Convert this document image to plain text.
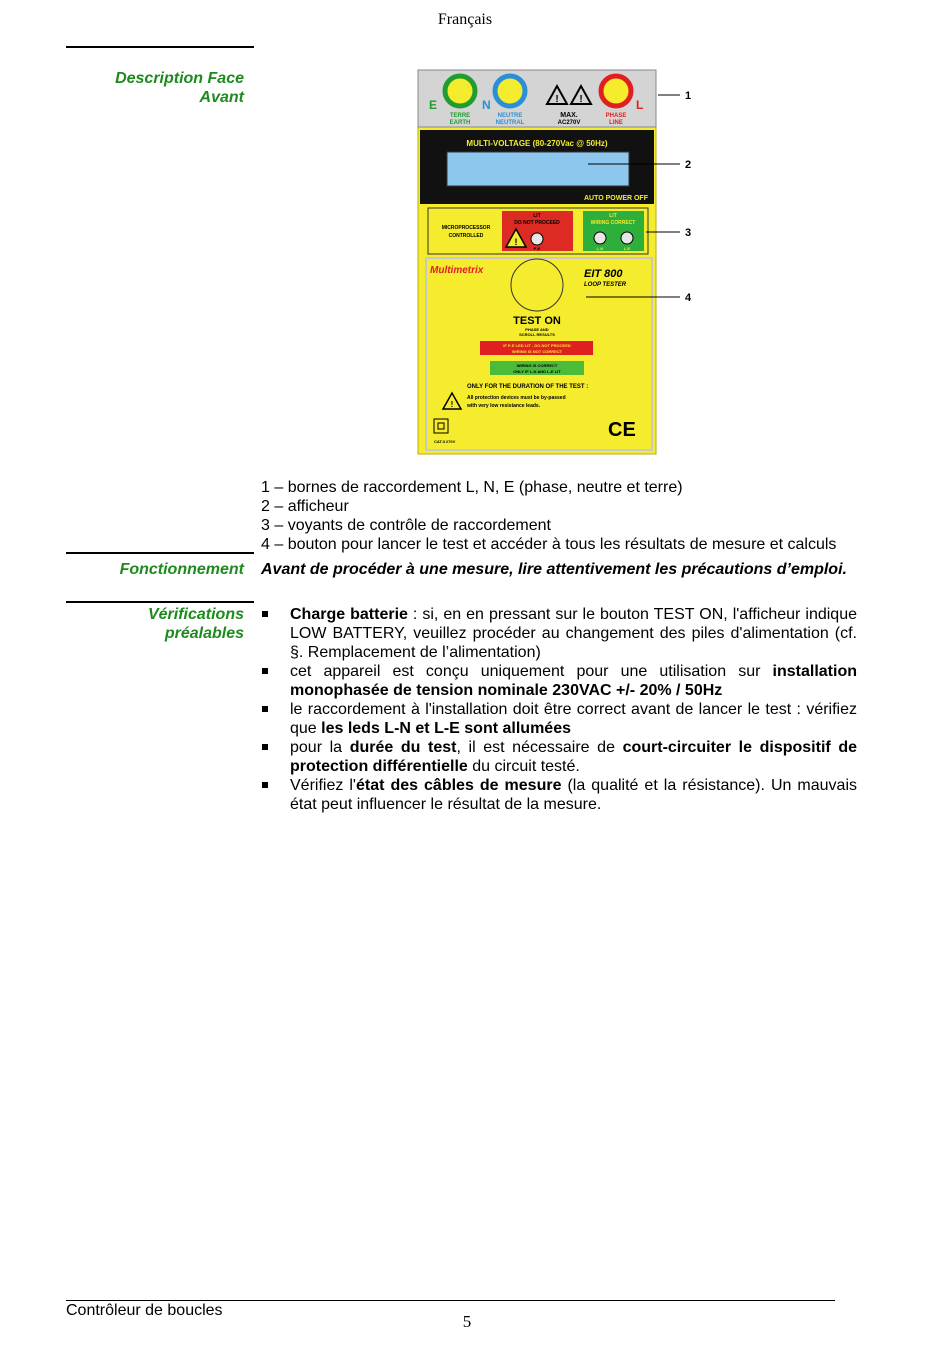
Français
Description Face
Avant	E
TERRE
EARTH
N
NEUTRE
NEUTRAL
! !
MAX.
AC270V
L
PHASE
LINE
MULTI-VOLTAGE (80-270Vac @ 50Hz)
AUTO POWER OFF
MICROPROCESSOR
CONTROLLED
LIT
DO NOT PROCEED
!
P-E
LIT
WIRING CORRECT
L-N	L-E
Multimetrix	EIT 800
LOOP TESTER
TEST ON
PHASE AND
SCROLL RESULTS
IF P-E LED LIT - DO NOT PROCEED
WIRING IS NOT CORRECT
WIRING IS CORRECT
ONLY IF L-N AND L-E LIT
ONLY FOR THE DURATION OF THE TEST :
!
All protection devices must be by-passed
with very low resistance leads.
CAT.II 270V
CE
1
2
3
4
1 – bornes de raccordement L, N, E (phase, neutre et terre)
2 – afficheur
3 – voyants de contrôle de raccordement
4 – bouton pour lancer le test et accéder à tous les résultats de mesure et calculs
Fonctionnement Avant de procéder à une mesure, lire attentivement les précautions d’emploi.
Vérifications
préalables
Charge batterie : si, en en pressant sur le bouton TEST ON, l'afficheur indique LOW BATTERY, veuillez procéder au changement des piles d'alimentation (cf. §. Remplacement de l’alimentation)
cet appareil est conçu uniquement pour une utilisation sur installation monophasée de tension nominale 230VAC +/- 20% / 50Hz
le raccordement à l'installation doit être correct avant de lancer le test : vérifiez que les leds L-N et L-E sont allumées
pour la durée du test, il est nécessaire de court-circuiter le dispositif de protection différentielle du circuit testé.
Vérifiez l'état des câbles de mesure (la qualité et la résistance). Un mauvais état peut influencer le résultat de la mesure.
Contrôleur de boucles
5
